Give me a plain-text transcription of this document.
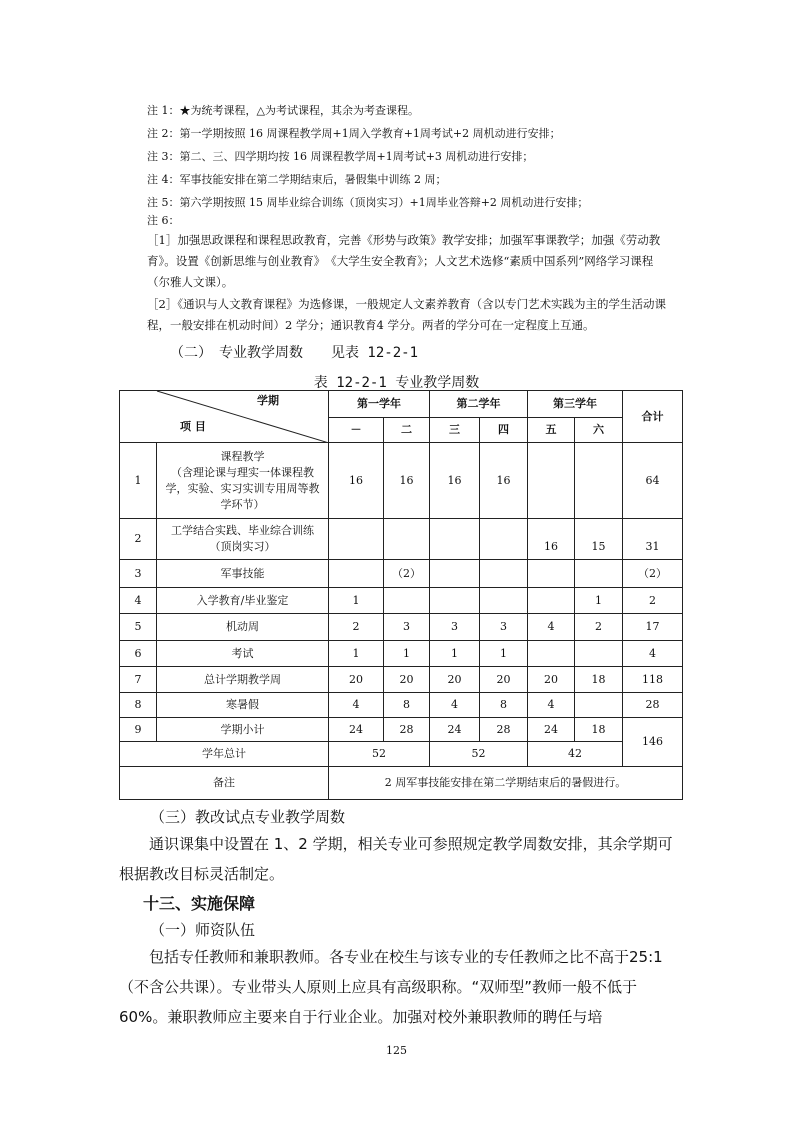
注 1：★为统考课程，△为考试课程，其余为考查课程。
注 2：第一学期按照 16 周课程教学周+1周入学教育+1周考试+2 周机动进行安排；
注 3：第二、三、四学期均按 16 周课程教学周+1周考试+3 周机动进行安排；
注 4：军事技能安排在第二学期结束后，暑假集中训练 2 周；
注 5：第六学期按照 15 周毕业综合训练（顶岗实习）+1周毕业答辩+2 周机动进行安排；
注 6：
［1］加强思政课程和课程思政教育，完善《形势与政策》教学安排；加强军事课教学；加强《劳动教育》。设置《创新思维与创业教育》　《大学生安全教育》；人文艺术选修“素质中国系列”网络学习课程（尔雅人文课）。
［2］《通识与人文教育课程》为选修课，一般规定人文素养教育（含以专门艺术实践为主的学生活动课程，一般安排在机动时间）2 学分；通识教育4 学分。两者的学分可在一定程度上互通。
（二）　专业教学周数　　见表 12-2-1
表 12-2-1 专业教学周数
学期
项 目		第一学年		第二学年		第三学年		合计
		－	二	三	四	五	六	
1	课程教学
（含理论课与理实一体课程教学，实验、实习实训专用周等教学环节）	16	16	16	16			64
2	工学结合实践、毕业综合训练（顶岗实习）					16	15	31
3	军事技能		（2）					（2）
4	入学教育/毕业鉴定	1					1	2
5	机动周	2	3	3	3	4	2	17
6	考试	1	1	1	1			4
7	总计学期教学周	20	20	20	20	20	18	118
8	寒暑假	4	8	4	8	4		28
9	学期小计	24	28	24	28	24	18	146
学年总计		52		52		42		
备注		2 周军事技能安排在第二学期结束后的暑假进行。						
（三）教改试点专业教学周数
通识课集中设置在 1、2 学期，相关专业可参照规定教学周数安排，其余学期可根据教改目标灵活制定。
十三、实施保障
（一）师资队伍
包括专任教师和兼职教师。各专业在校生与该专业的专任教师之比不高于25:1（不含公共课）。专业带头人原则上应具有高级职称。“双师型”教师一般不低于60%。兼职教师应主要来自于行业企业。加强对校外兼职教师的聘任与培
125
